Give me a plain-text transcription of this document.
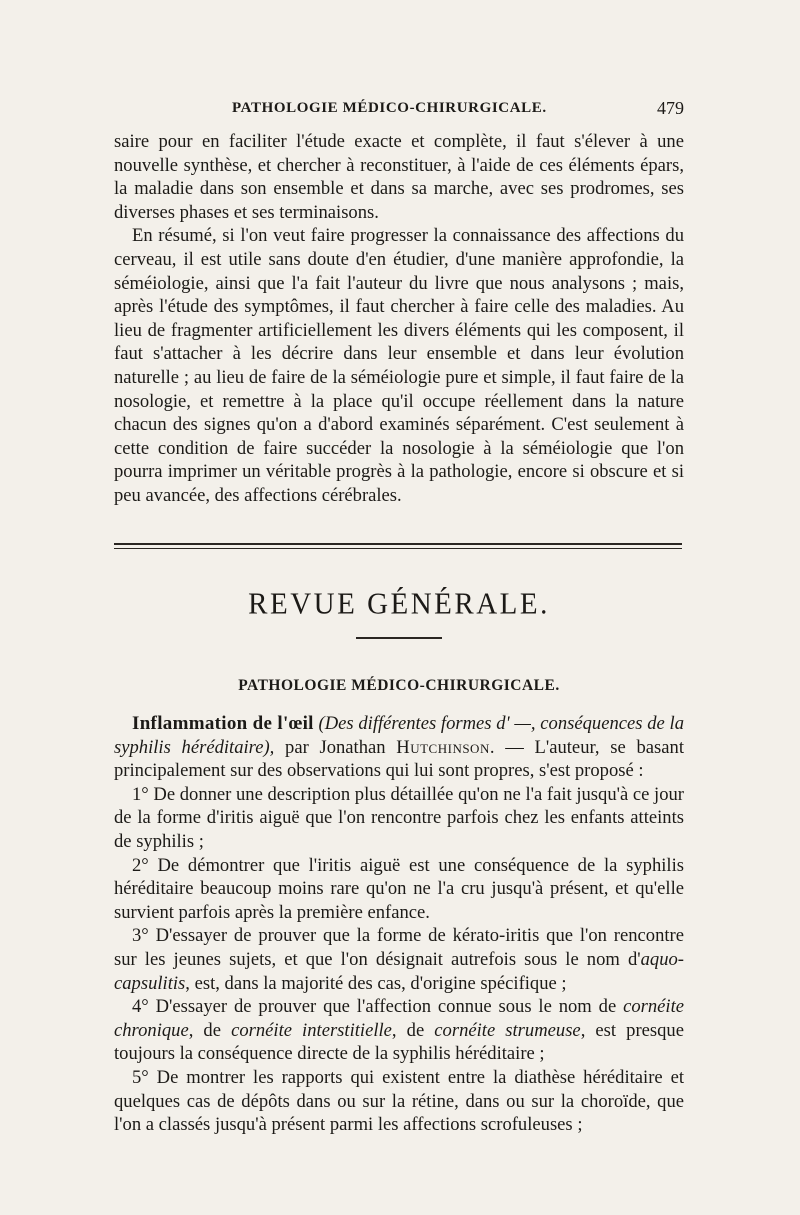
PATHOLOGIE MÉDICO-CHIRURGICALE.	479

saire pour en faciliter l'étude exacte et complète, il faut s'élever à une nouvelle synthèse, et chercher à reconstituer, à l'aide de ces éléments épars, la maladie dans son ensemble et dans sa marche, avec ses prodromes, ses diverses phases et ses terminaisons.

En résumé, si l'on veut faire progresser la connaissance des affections du cerveau, il est utile sans doute d'en étudier, d'une manière approfondie, la séméiologie, ainsi que l'a fait l'auteur du livre que nous analysons ; mais, après l'étude des symptômes, il faut chercher à faire celle des maladies. Au lieu de fragmenter artificiellement les divers éléments qui les composent, il faut s'attacher à les décrire dans leur ensemble et dans leur évolution naturelle ; au lieu de faire de la séméiologie pure et simple, il faut faire de la nosologie, et remettre à la place qu'il occupe réellement dans la nature chacun des signes qu'on a d'abord examinés séparément. C'est seulement à cette condition de faire succéder la nosologie à la séméiologie que l'on pourra imprimer un véritable progrès à la pathologie, encore si obscure et si peu avancée, des affections cérébrales.

REVUE GÉNÉRALE.
PATHOLOGIE MÉDICO-CHIRURGICALE.

Inflammation de l'œil (Des différentes formes d' —, conséquences de la syphilis héréditaire), par Jonathan Hutchinson. — L'auteur, se basant principalement sur des observations qui lui sont propres, s'est proposé :

1° De donner une description plus détaillée qu'on ne l'a fait jusqu'à ce jour de la forme d'iritis aiguë que l'on rencontre parfois chez les enfants atteints de syphilis ;

2° De démontrer que l'iritis aiguë est une conséquence de la syphilis héréditaire beaucoup moins rare qu'on ne l'a cru jusqu'à présent, et qu'elle survient parfois après la première enfance.

3° D'essayer de prouver que la forme de kérato-iritis que l'on rencontre sur les jeunes sujets, et que l'on désignait autrefois sous le nom d'aquo-capsulitis, est, dans la majorité des cas, d'origine spécifique ;

4° D'essayer de prouver que l'affection connue sous le nom de cornéite chronique, de cornéite interstitielle, de cornéite strumeuse, est presque toujours la conséquence directe de la syphilis héréditaire ;

5° De montrer les rapports qui existent entre la diathèse héréditaire et quelques cas de dépôts dans ou sur la rétine, dans ou sur la choroïde, que l'on a classés jusqu'à présent parmi les affections scrofuleuses ;
